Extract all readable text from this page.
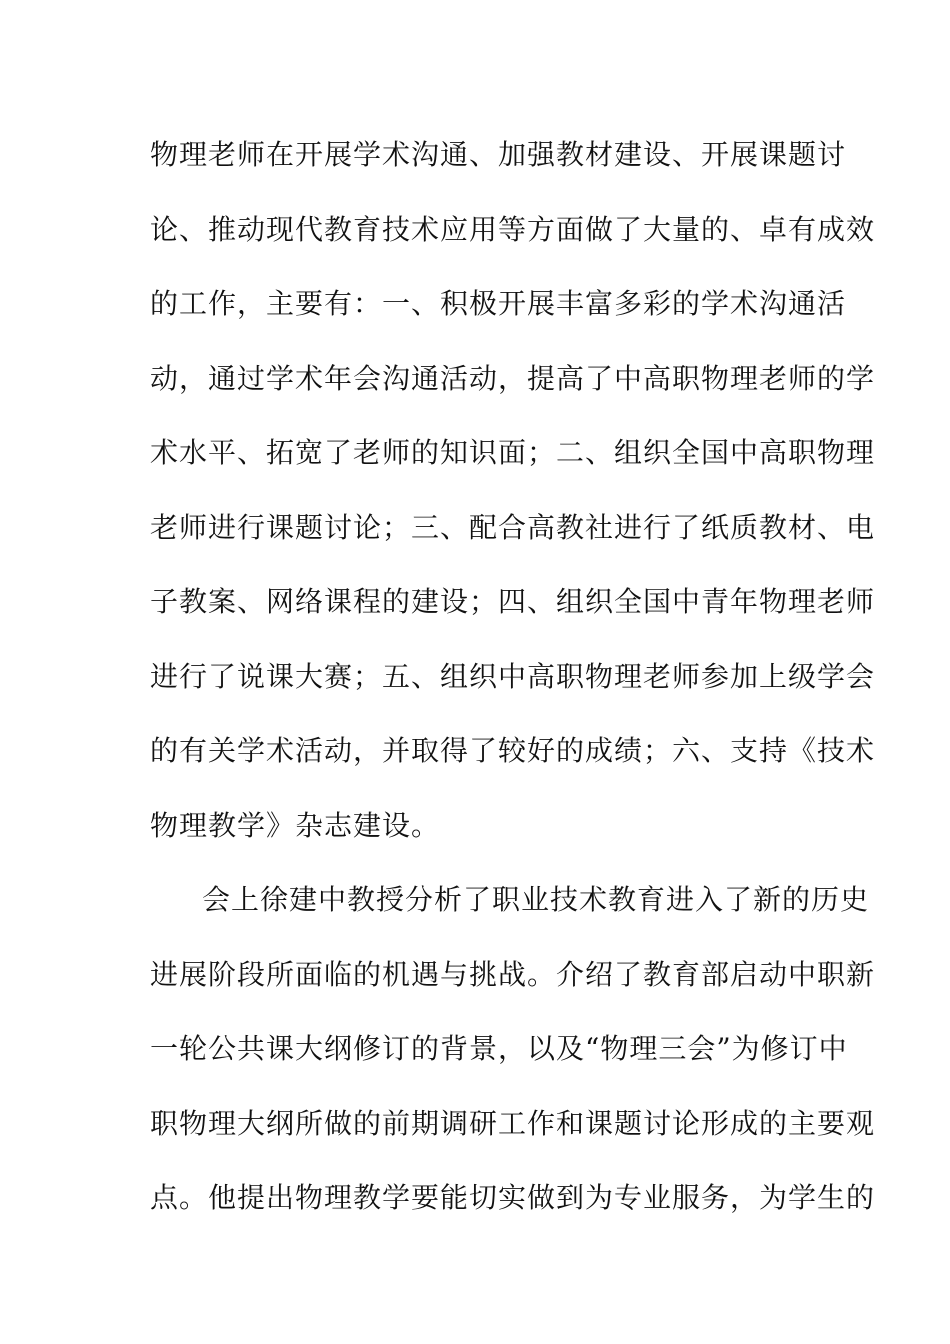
物理老师在开展学术沟通、加强教材建设、开展课题讨
论、推动现代教育技术应用等方面做了大量的、卓有成效
的工作，主要有：一、积极开展丰富多彩的学术沟通活
动，通过学术年会沟通活动，提高了中高职物理老师的学
术水平、拓宽了老师的知识面；二、组织全国中高职物理
老师进行课题讨论；三、配合高教社进行了纸质教材、电
子教案、网络课程的建设；四、组织全国中青年物理老师
进行了说课大赛；五、组织中高职物理老师参加上级学会
的有关学术活动，并取得了较好的成绩；六、支持《技术
物理教学》杂志建设。
会上徐建中教授分析了职业技术教育进入了新的历史
进展阶段所面临的机遇与挑战。介绍了教育部启动中职新
一轮公共课大纲修订的背景，以及“物理三会”为修订中
职物理大纲所做的前期调研工作和课题讨论形成的主要观
点。他提出物理教学要能切实做到为专业服务，为学生的
